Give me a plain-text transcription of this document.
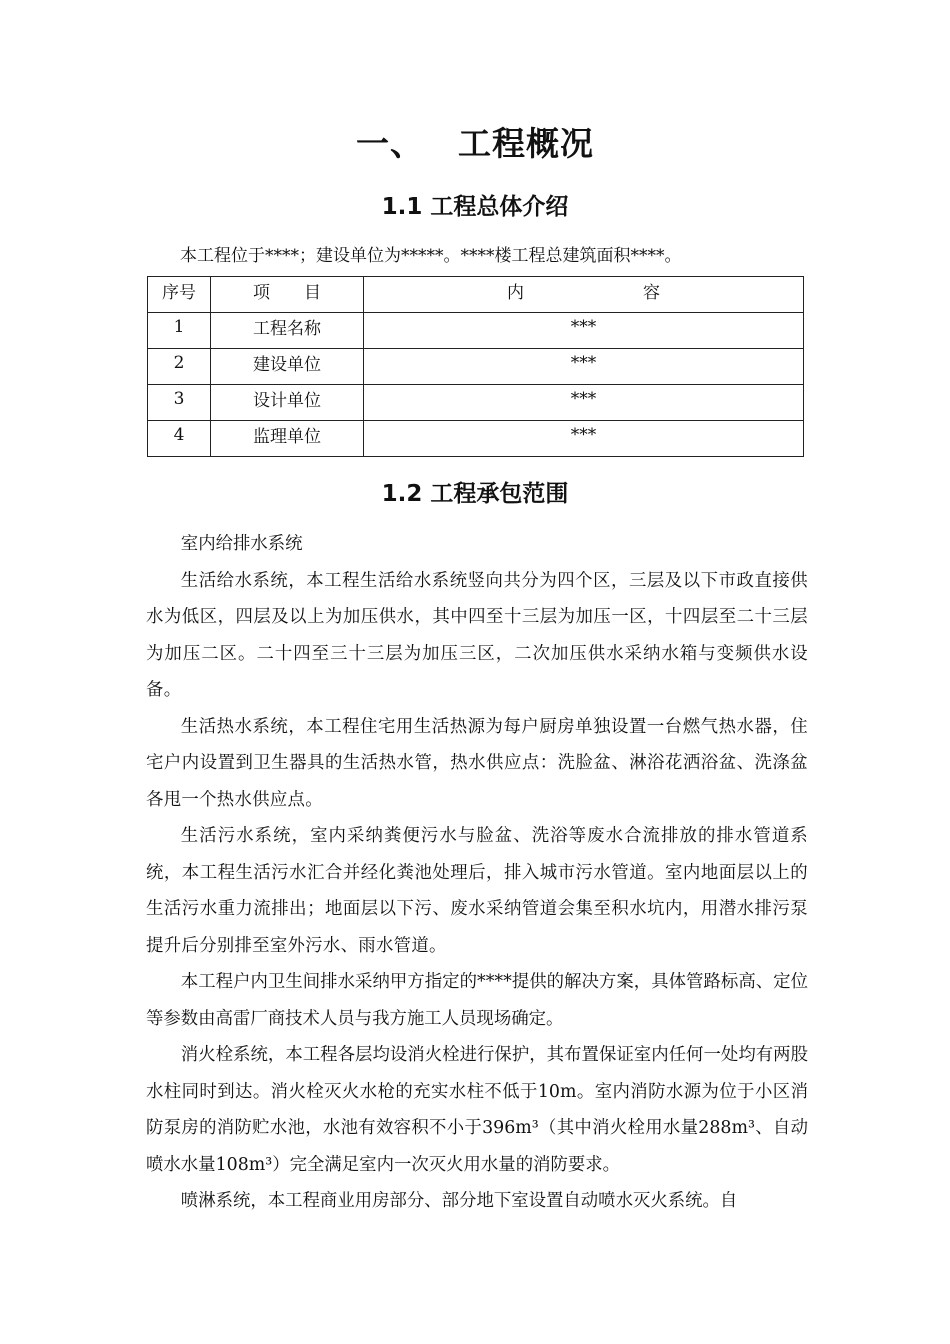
一、 工程概况
1.1 工程总体介绍

本工程位于****；建设单位为*****。****楼工程总建筑面积****。

序号	项　　目	内　　　　　　　容
1	工程名称	***
2	建设单位	***
3	设计单位	***
4	监理单位	***
1.2 工程承包范围

室内给排水系统

生活给水系统，本工程生活给水系统竖向共分为四个区，三层及以下市政直接供水为低区，四层及以上为加压供水，其中四至十三层为加压一区，十四层至二十三层为加压二区。二十四至三十三层为加压三区，二次加压供水采纳水箱与变频供水设备。

生活热水系统，本工程住宅用生活热源为每户厨房单独设置一台燃气热水器，住宅户内设置到卫生器具的生活热水管，热水供应点：洗脸盆、淋浴花洒浴盆、洗涤盆各甩一个热水供应点。

生活污水系统，室内采纳粪便污水与脸盆、洗浴等废水合流排放的排水管道系统，本工程生活污水汇合并经化粪池处理后，排入城市污水管道。室内地面层以上的生活污水重力流排出；地面层以下污、废水采纳管道会集至积水坑内，用潜水排污泵提升后分别排至室外污水、雨水管道。

本工程户内卫生间排水采纳甲方指定的****提供的解决方案，具体管路标高、定位等参数由高雷厂商技术人员与我方施工人员现场确定。

消火栓系统，本工程各层均设消火栓进行保护，其布置保证室内任何一处均有两股水柱同时到达。消火栓灭火水枪的充实水柱不低于10m。室内消防水源为位于小区消防泵房的消防贮水池，水池有效容积不小于396m³（其中消火栓用水量288m³、自动喷水水量108m³）完全满足室内一次灭火用水量的消防要求。

喷淋系统，本工程商业用房部分、部分地下室设置自动喷水灭火系统。自
